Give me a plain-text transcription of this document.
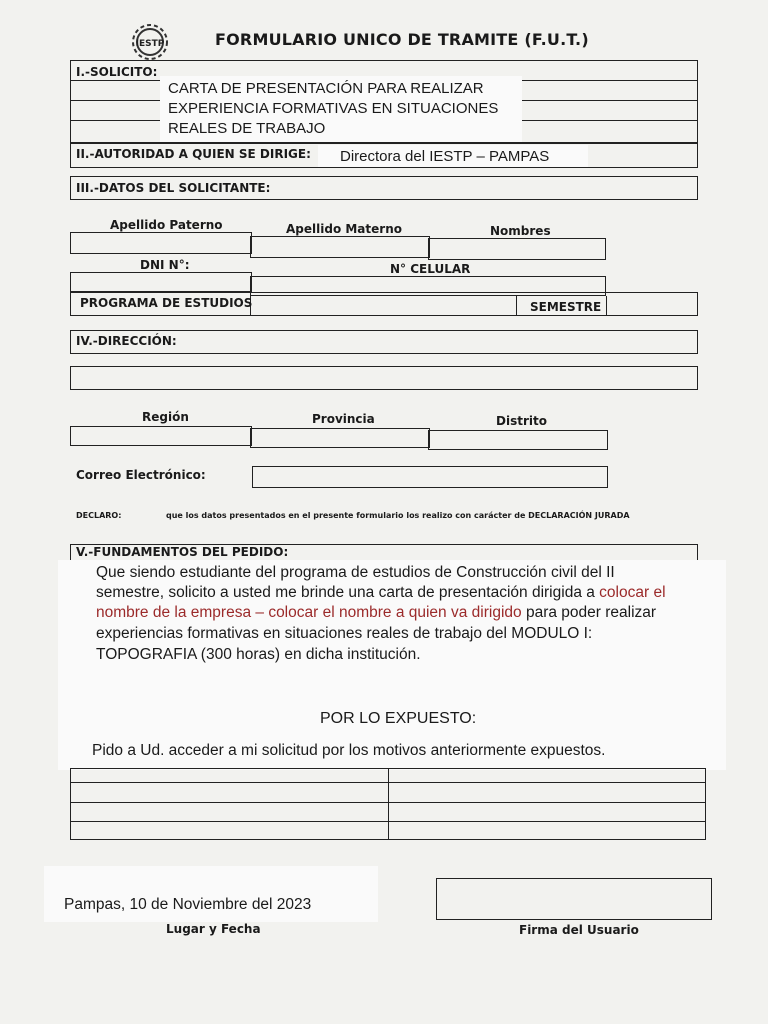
IESTP	FORMULARIO UNICO DE TRAMITE (F.U.T.)
I.-SOLICITO:
CARTA DE PRESENTACIÓN PARA REALIZAR
EXPERIENCIA FORMATIVAS EN SITUACIONES
REALES DE TRABAJO
II.-AUTORIDAD A QUIEN SE DIRIGE: Directora del IESTP – PAMPAS
III.-DATOS DEL SOLICITANTE:
Apellido Paterno	Apellido Materno	Nombres
DNI N°:	N° CELULAR
PROGRAMA DE ESTUDIOS	SEMESTRE
IV.-DIRECCIÓN:
Región	Provincia	Distrito
Correo Electrónico:
DECLARO:	que los datos presentados en el presente formulario los realizo con carácter de DECLARACIÓN JURADA
V.-FUNDAMENTOS DEL PEDIDO:
Que siendo estudiante del programa de estudios de Construcción civil del II
semestre, solicito a usted me brinde una carta de presentación dirigida a colocar el
nombre de la empresa – colocar el nombre a quien va dirigido para poder realizar
experiencias formativas en situaciones reales de trabajo del MODULO I:
TOPOGRAFIA (300 horas) en dicha institución.
POR LO EXPUESTO:
Pido a Ud. acceder a mi solicitud por los motivos anteriormente expuestos.
Pampas, 10 de Noviembre del 2023
Lugar y Fecha	Firma del Usuario
